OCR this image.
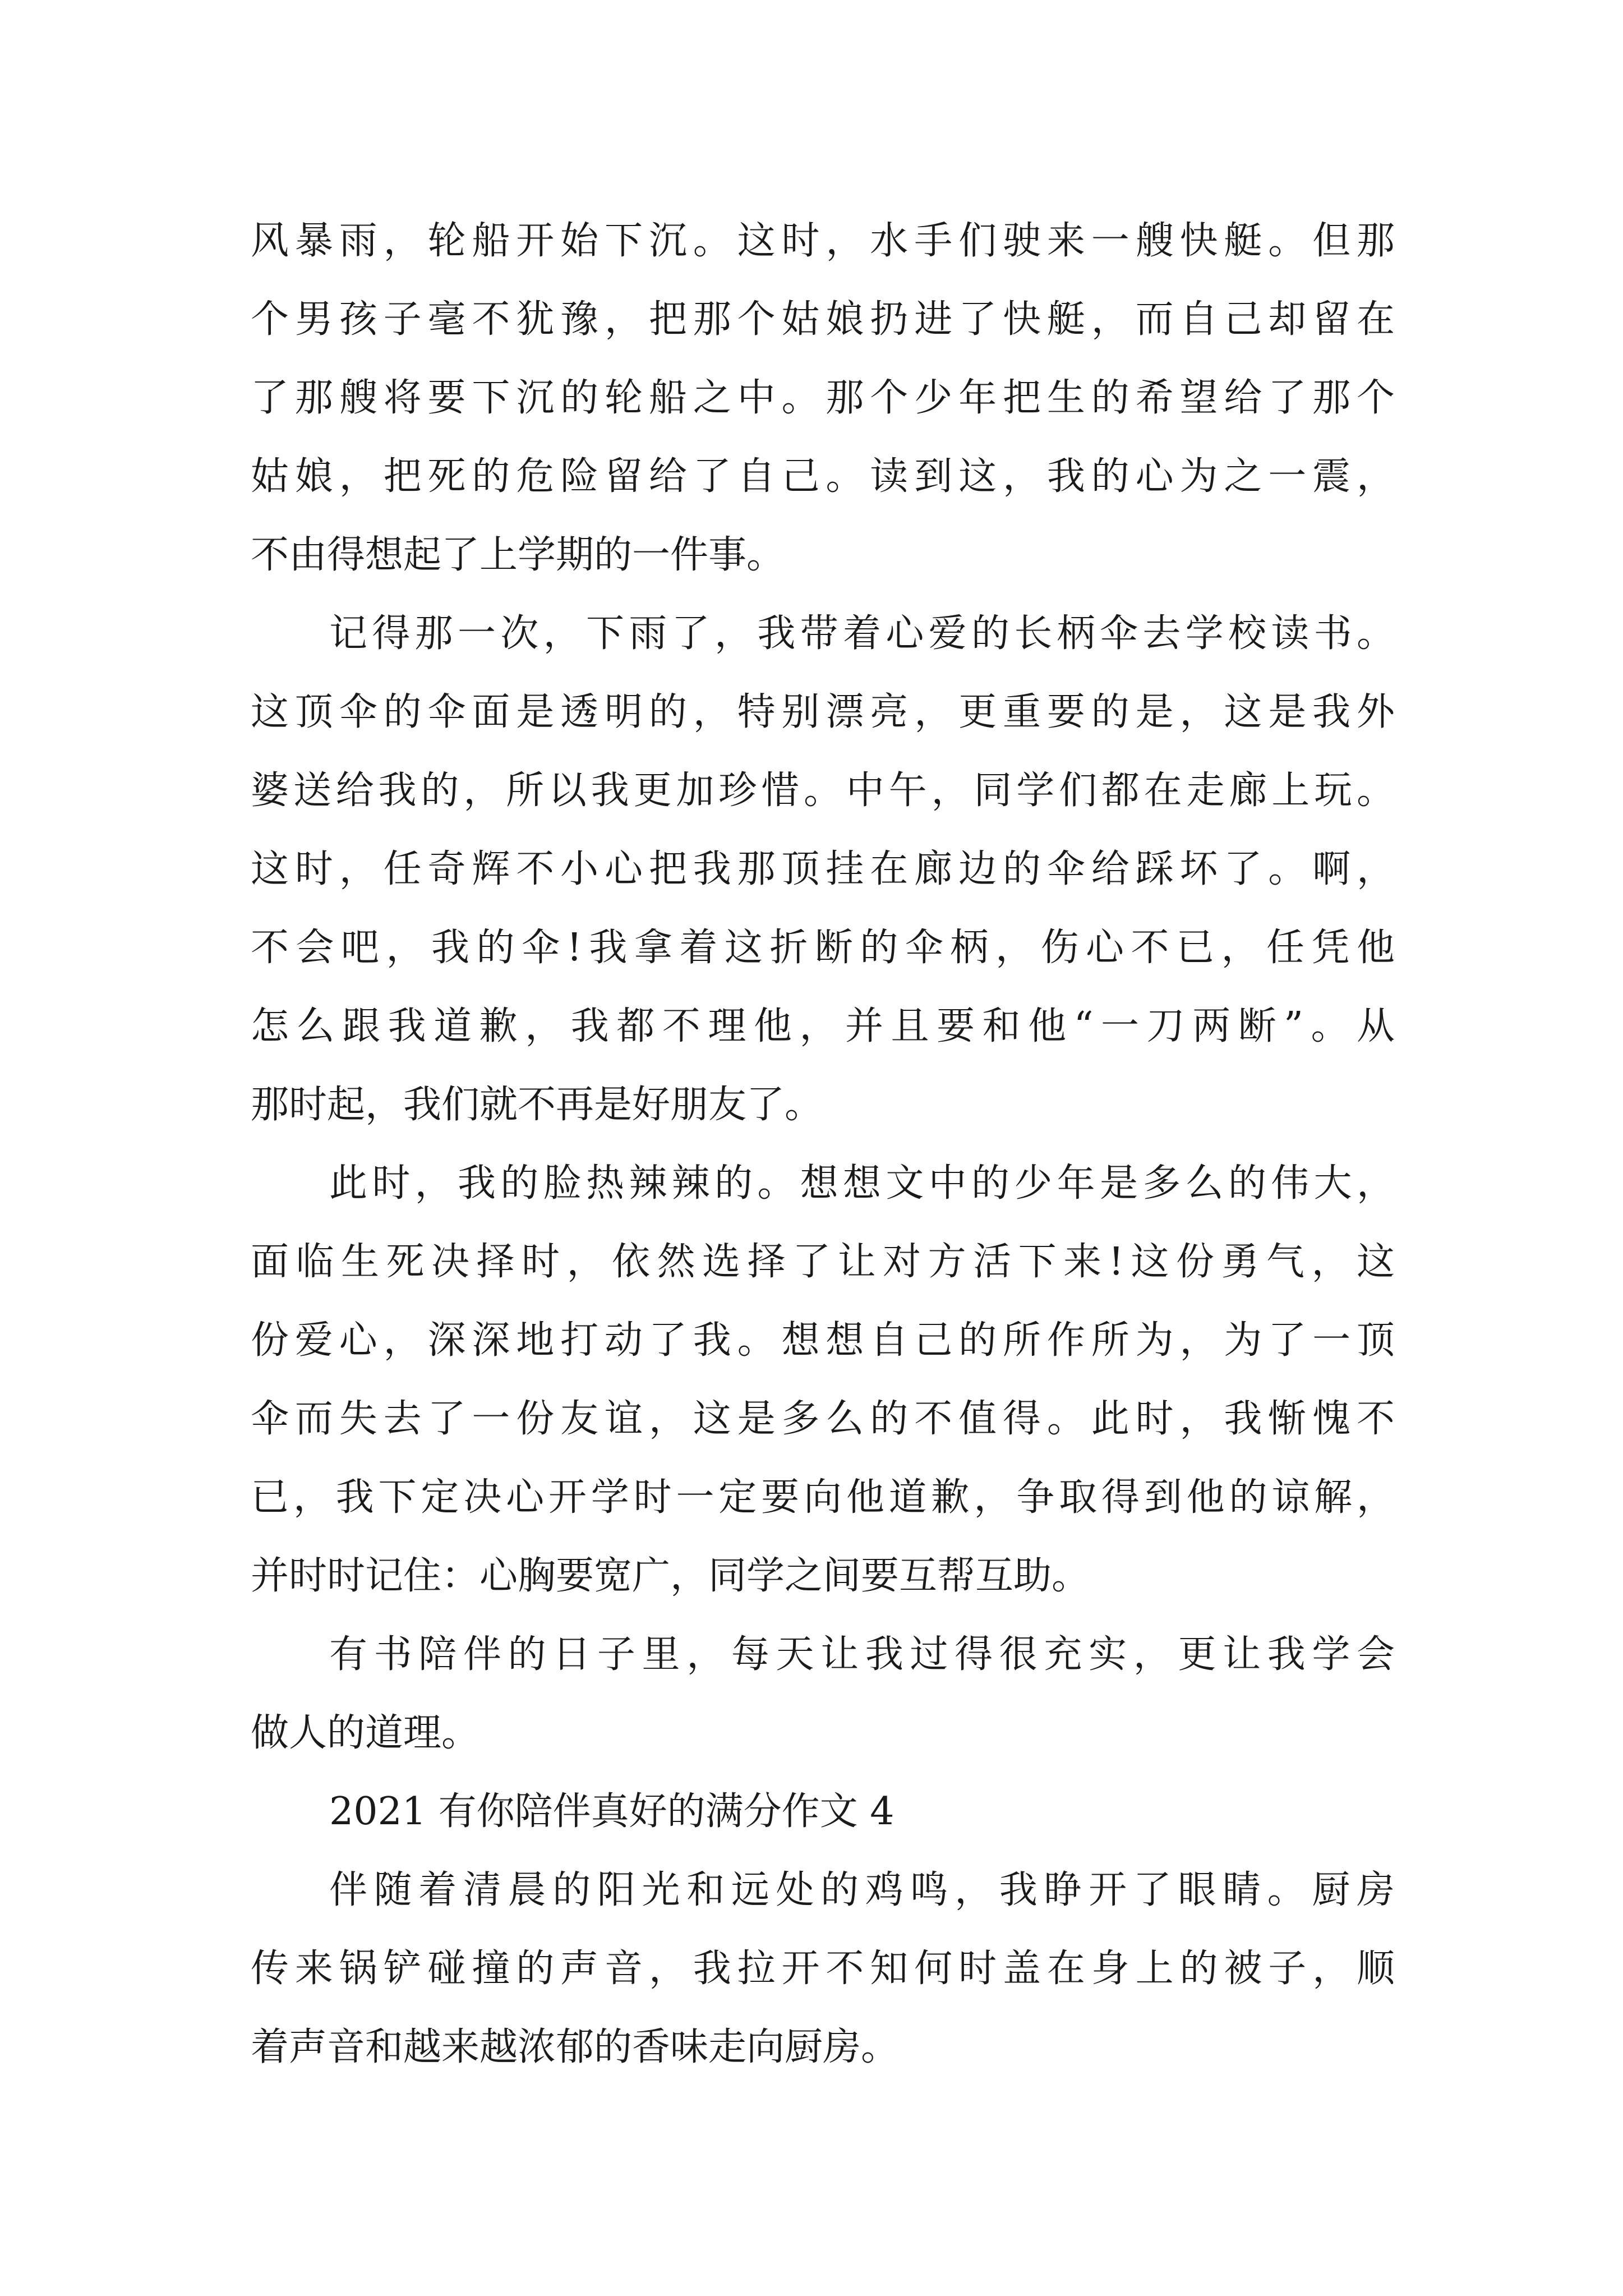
风暴雨，轮船开始下沉。这时，水手们驶来一艘快艇。但那
个男孩子毫不犹豫，把那个姑娘扔进了快艇，而自己却留在
了那艘将要下沉的轮船之中。那个少年把生的希望给了那个
姑娘，把死的危险留给了自己。读到这，我的心为之一震，
不由得想起了上学期的一件事。
记得那一次，下雨了，我带着心爱的长柄伞去学校读书。
这顶伞的伞面是透明的，特别漂亮，更重要的是，这是我外
婆送给我的，所以我更加珍惜。中午，同学们都在走廊上玩。
这时，任奇辉不小心把我那顶挂在廊边的伞给踩坏了。啊，
不会吧，我的伞!我拿着这折断的伞柄，伤心不已，任凭他
怎么跟我道歉，我都不理他，并且要和他“一刀两断”。从
那时起，我们就不再是好朋友了。
此时，我的脸热辣辣的。想想文中的少年是多么的伟大，
面临生死决择时，依然选择了让对方活下来!这份勇气，这
份爱心，深深地打动了我。想想自己的所作所为，为了一顶
伞而失去了一份友谊，这是多么的不值得。此时，我惭愧不
已，我下定决心开学时一定要向他道歉，争取得到他的谅解，
并时时记住：心胸要宽广，同学之间要互帮互助。
有书陪伴的日子里，每天让我过得很充实，更让我学会
做人的道理。
2021 有你陪伴真好的满分作文 4
伴随着清晨的阳光和远处的鸡鸣，我睁开了眼睛。厨房
传来锅铲碰撞的声音，我拉开不知何时盖在身上的被子，顺
着声音和越来越浓郁的香味走向厨房。
